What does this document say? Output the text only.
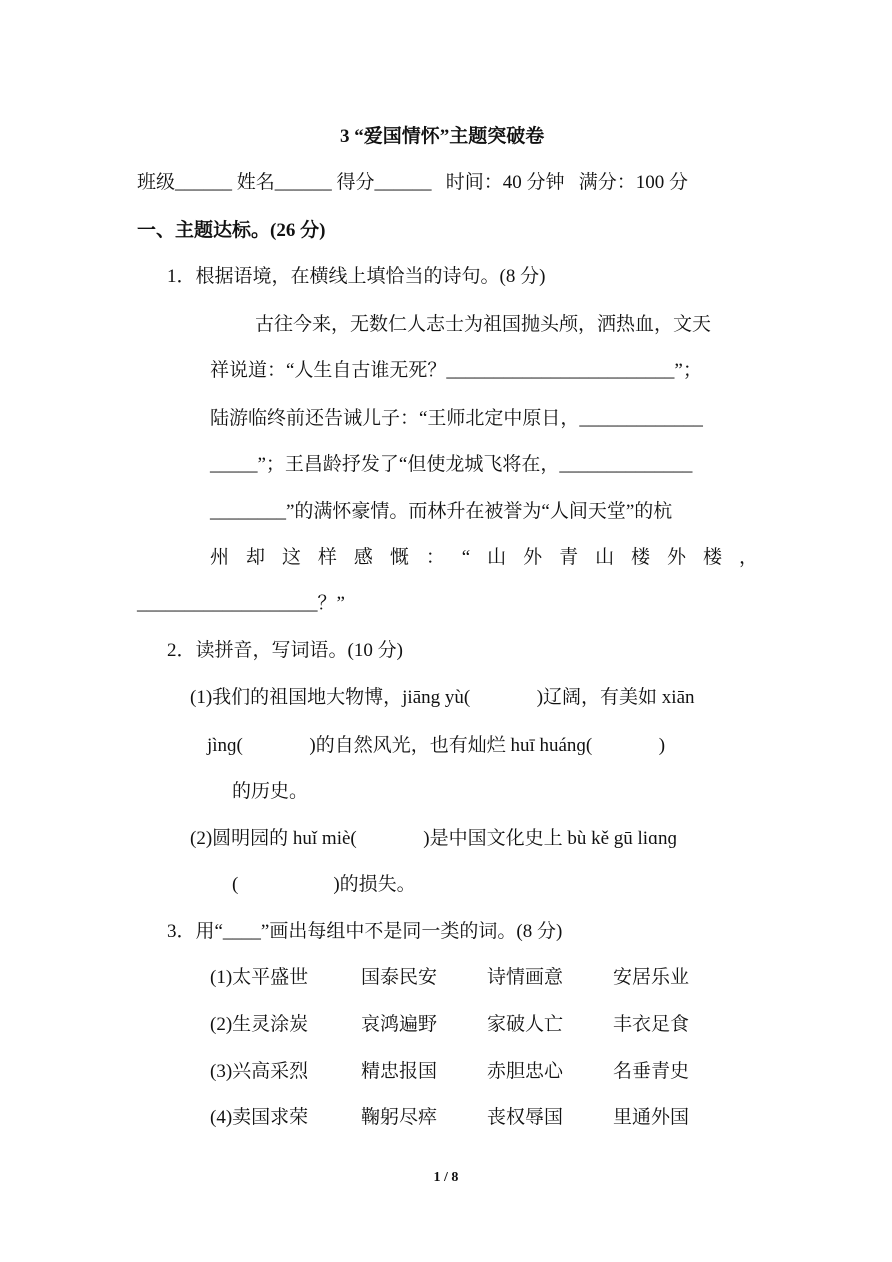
3 “爱国情怀”主题突破卷
班级______ 姓名______ 得分______   时间：40 分钟   满分：100 分
一、主题达标。(26 分)
1．根据语境，在横线上填恰当的诗句。(8 分)
古往今来，无数仁人志士为祖国抛头颅，洒热血，文天
祥说道：“人生自古谁无死？________________________”；
陆游临终前还告诫儿子：“王师北定中原日，_____________
_____”；王昌龄抒发了“但使龙城飞将在，______________
________”的满怀豪情。而林升在被誉为“人间天堂”的杭
州 却 这 样 感 慨 ： “ 山 外 青 山 楼 外 楼 ，
___________________？”
2．读拼音，写词语。(10 分)
(1)我们的祖国地大物博，jiāng yù(              )辽阔，有美如 xiān
jìnɡ(              )的自然风光，也有灿烂 huī huánɡ(              )
的历史。
(2)圆明园的 huǐ miè(              )是中国文化史上 bù kě gū liɑnɡ
(                    )的损失。
3．用“____”画出每组中不是同一类的词。(8 分)
(1)太平盛世	国泰民安	诗情画意	安居乐业
(2)生灵涂炭	哀鸿遍野	家破人亡	丰衣足食
(3)兴高采烈	精忠报国	赤胆忠心	名垂青史
(4)卖国求荣	鞠躬尽瘁	丧权辱国	里通外国
1 / 8
